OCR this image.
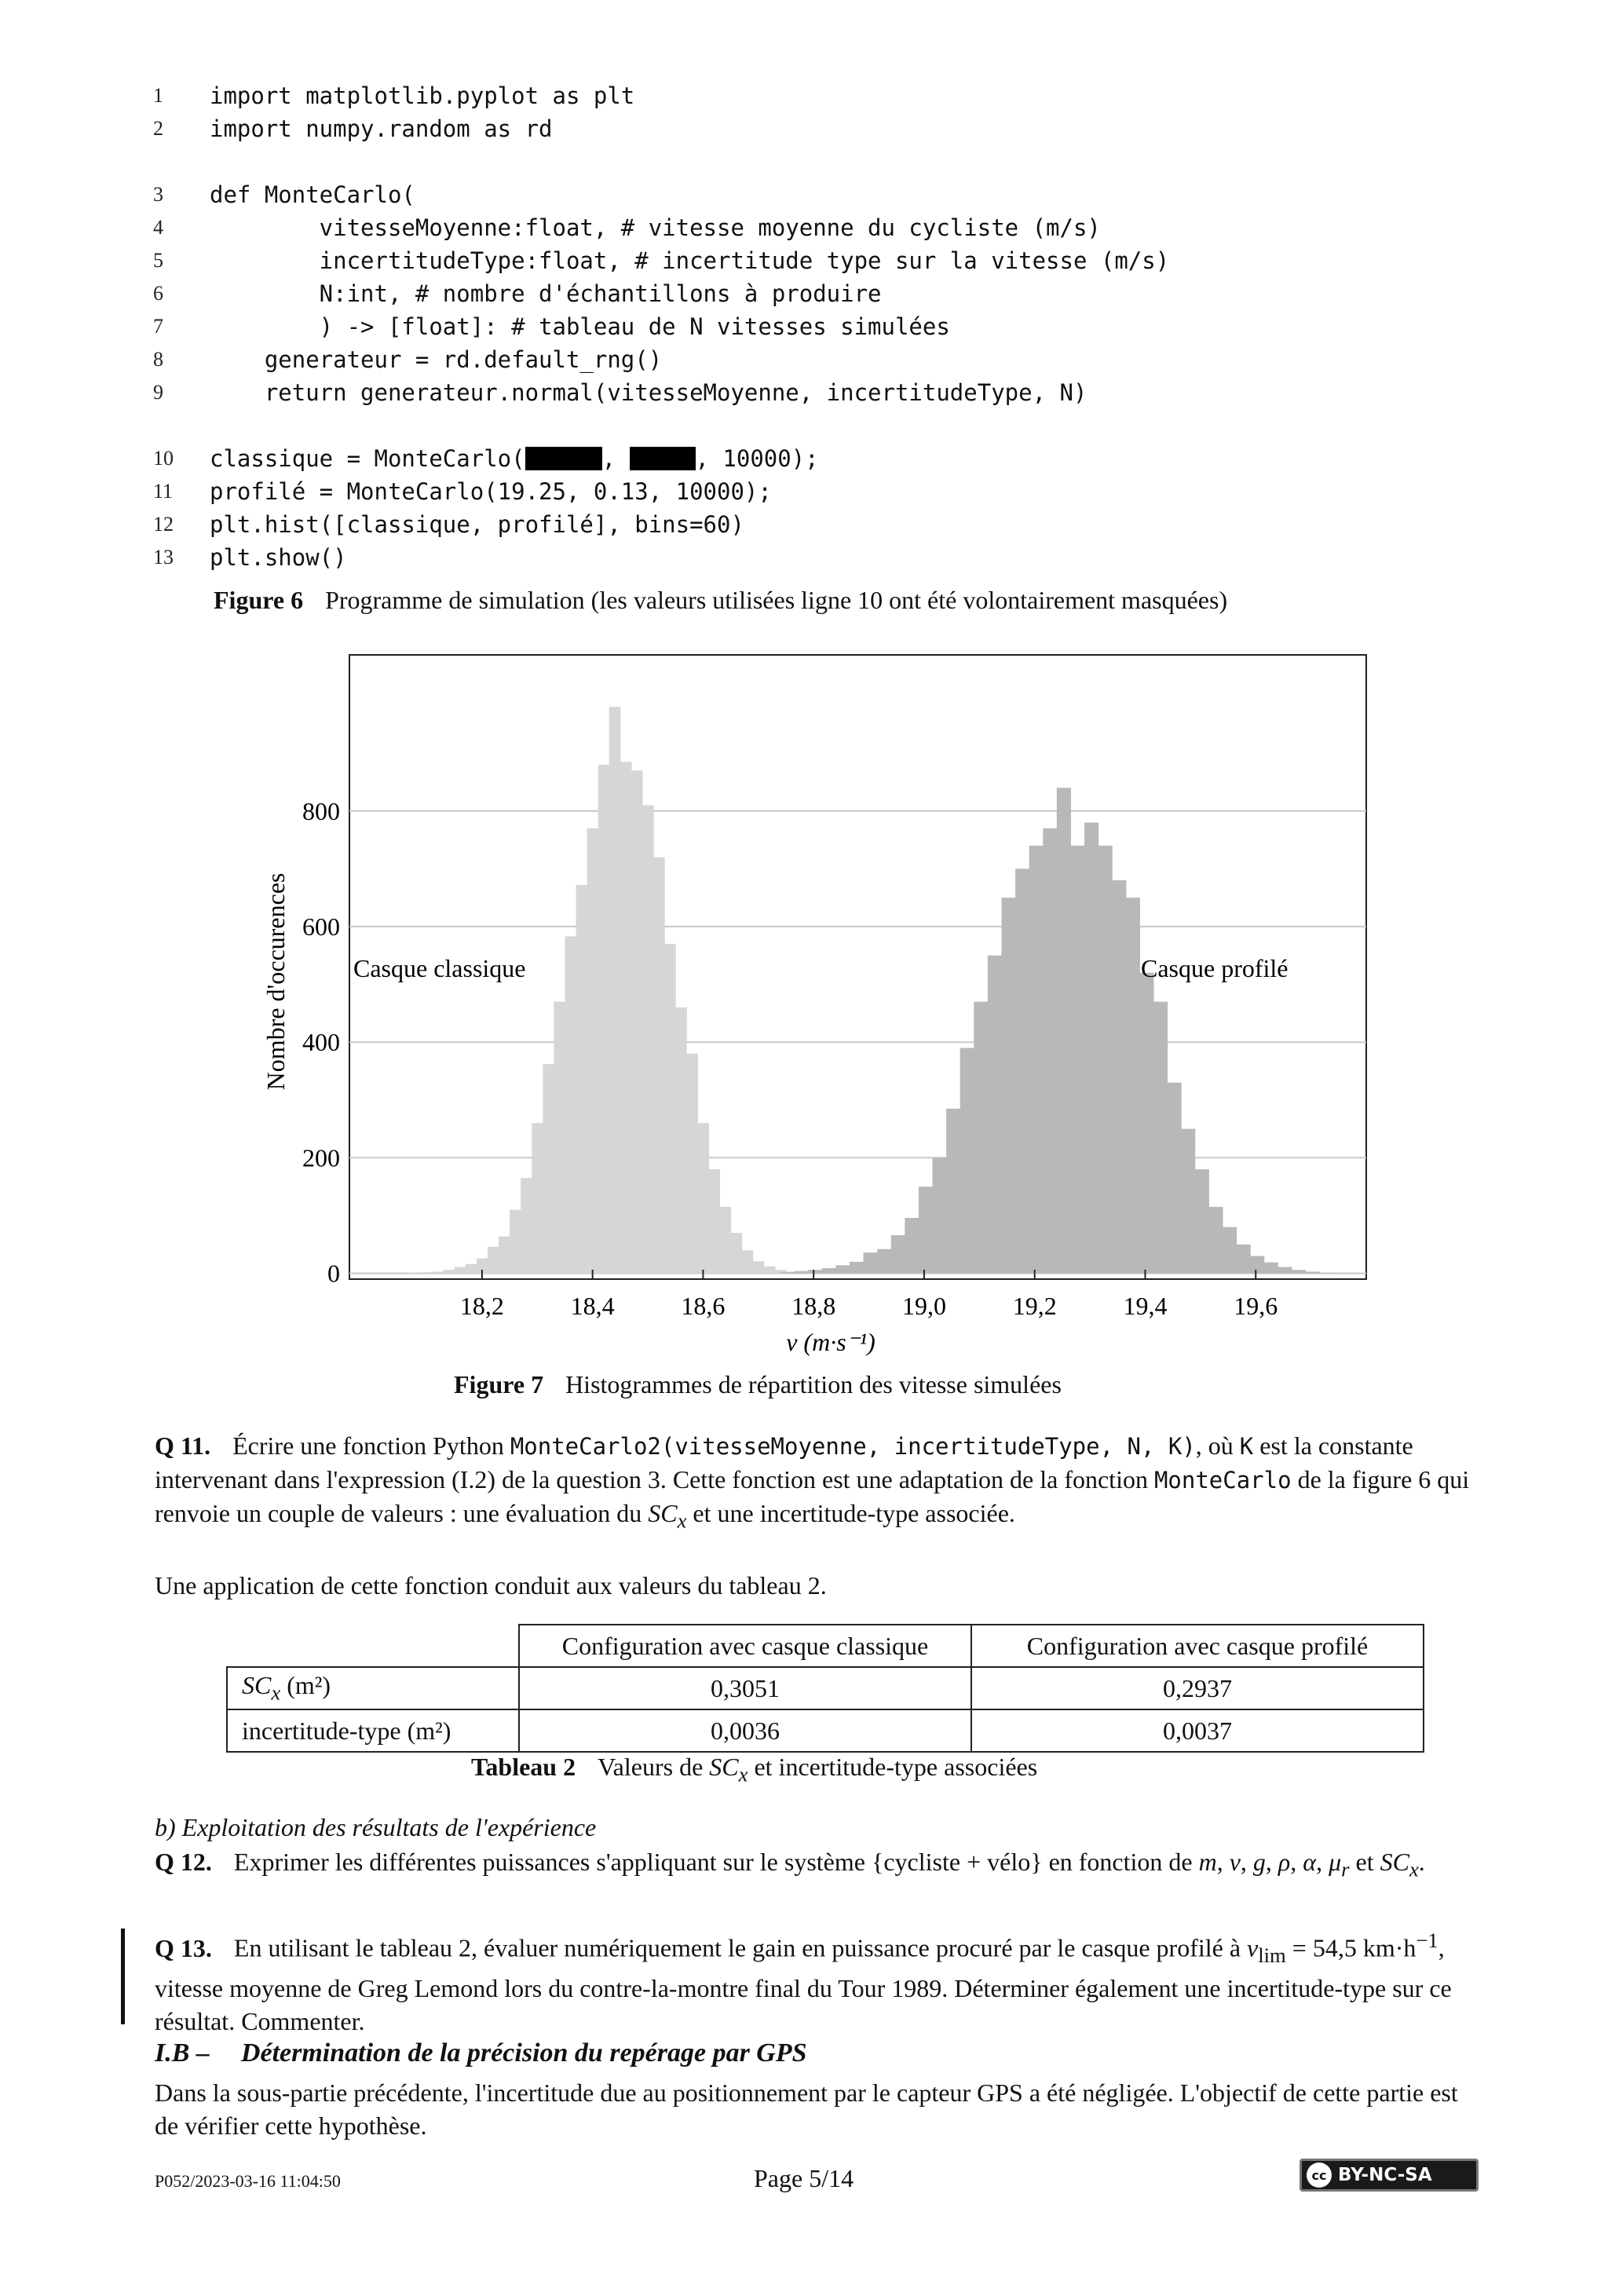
1	import matplotlib.pyplot as plt
2	import numpy.random as rd
3	def MonteCarlo(
4	vitesseMoyenne:float, # vitesse moyenne du cycliste (m/s)
5	incertitudeType:float, # incertitude type sur la vitesse (m/s)
6	N:int, # nombre d'échantillons à produire
7	) -> [float]: # tableau de N vitesses simulées
8	generateur = rd.default_rng()
9	return generateur.normal(vitesseMoyenne, incertitudeType, N)
10 classique = MonteCarlo(	,	, 10000);
11 profilé = MonteCarlo(19.25, 0.13, 10000);
12 plt.hist([classique, profilé], bins=60)
13 plt.show()
Figure 6 Programme de simulation (les valeurs utilisées ligne 10 ont été volontairement masquées)
0
200
400
600
800
18,2	18,4	18,6	18,8	19,0	19,2	19,4	19,6
Casque classique	Casque profilé
v (m·s⁻¹)
Nombre d'occurences
Figure 7 Histogrammes de répartition des vitesse simulées
Q 11. Écrire une fonction Python MonteCarlo2(vitesseMoyenne, incertitudeType, N, K), où K est la constante intervenant dans l'expression (I.2) de la question 3. Cette fonction est une adaptation de la fonction MonteCarlo de la figure 6 qui renvoie un couple de valeurs : une évaluation du $SC_x$ et une incertitude-type associée.
Une application de cette fonction conduit aux valeurs du tableau 2.
	Configuration avec casque classique	Configuration avec casque profilé
$SC_x$ (m²)	0,3051	0,2937
incertitude-type (m²)	0,0036	0,0037
Tableau 2 Valeurs de $SC_x$ et incertitude-type associées
b) Exploitation des résultats de l'expérience
Q 12. Exprimer les différentes puissances s'appliquant sur le système {cycliste + vélo} en fonction de m, v, g, ρ, α, $\mu_r$ et $SC_x$.
Q 13. En utilisant le tableau 2, évaluer numériquement le gain en puissance procuré par le casque profilé à $v_{lim} = 54,5$ $km\cdot h^{-1}$, vitesse moyenne de Greg Lemond lors du contre-la-montre final du Tour 1989. Déterminer également une incertitude-type sur ce résultat. Commenter.
I.B – Détermination de la précision du repérage par GPS
Dans la sous-partie précédente, l'incertitude due au positionnement par le capteur GPS a été négligée. L'objectif de cette partie est de vérifier cette hypothèse.
P052/2023-03-16 11:04:50	Page 5/14	cc BY-NC-SA
